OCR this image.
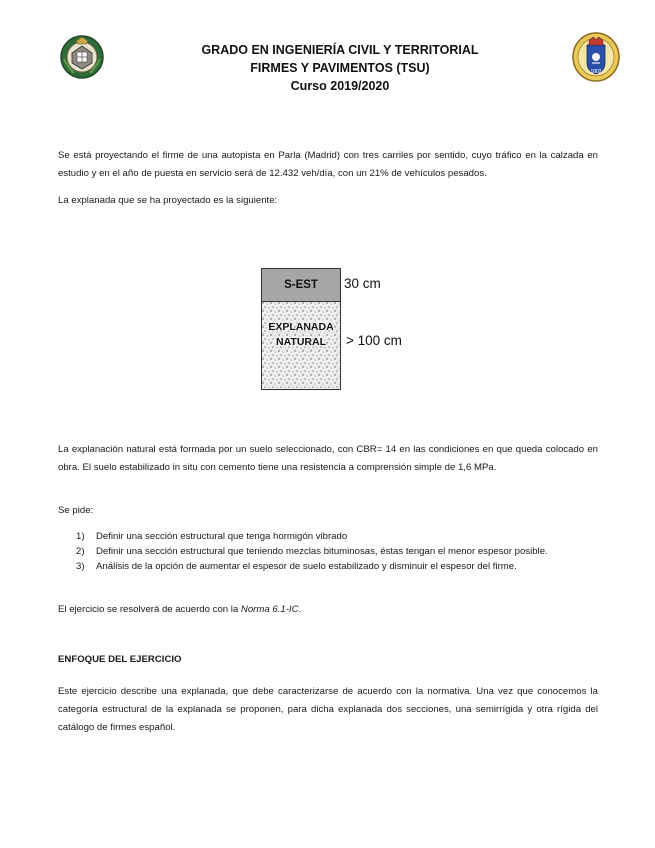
1802
GRADO EN INGENIERÍA CIVIL Y TERRITORIAL
FIRMES Y PAVIMENTOS (TSU)
Curso 2019/2020
Se está proyectando el firme de una autopista en Parla (Madrid) con tres carriles por sentido, cuyo tráfico en la calzada en estudio y en el año de puesta en servicio será de 12.432 veh/día, con un 21% de vehículos pesados.
La explanada que se ha proyectado es la siguiente:
S-EST
EXPLANADA
NATURAL
30 cm
> 100 cm
La explanación natural está formada por un suelo seleccionado, con CBR= 14 en las condiciones en que queda colocado en obra. El suelo estabilizado in situ con cemento tiene una resistencia a comprensión simple de 1,6 MPa.
Se pide:
1)	Definir una sección estructural que tenga hormigón vibrado
2)	Definir una sección estructural que teniendo mezclas bituminosas, éstas tengan el menor espesor posible.
3)	Análisis de la opción de aumentar el espesor de suelo estabilizado y disminuir el espesor del firme.
El ejercicio se resolverá de acuerdo con la Norma 6.1-IC.
ENFOQUE DEL EJERCICIO
Este ejercicio describe una explanada, que debe caracterizarse de acuerdo con la normativa. Una vez que conocemos la categoría estructural de la explanada se proponen, para dicha explanada dos secciones, una semirrígida y otra rígida del catálogo de firmes español.
